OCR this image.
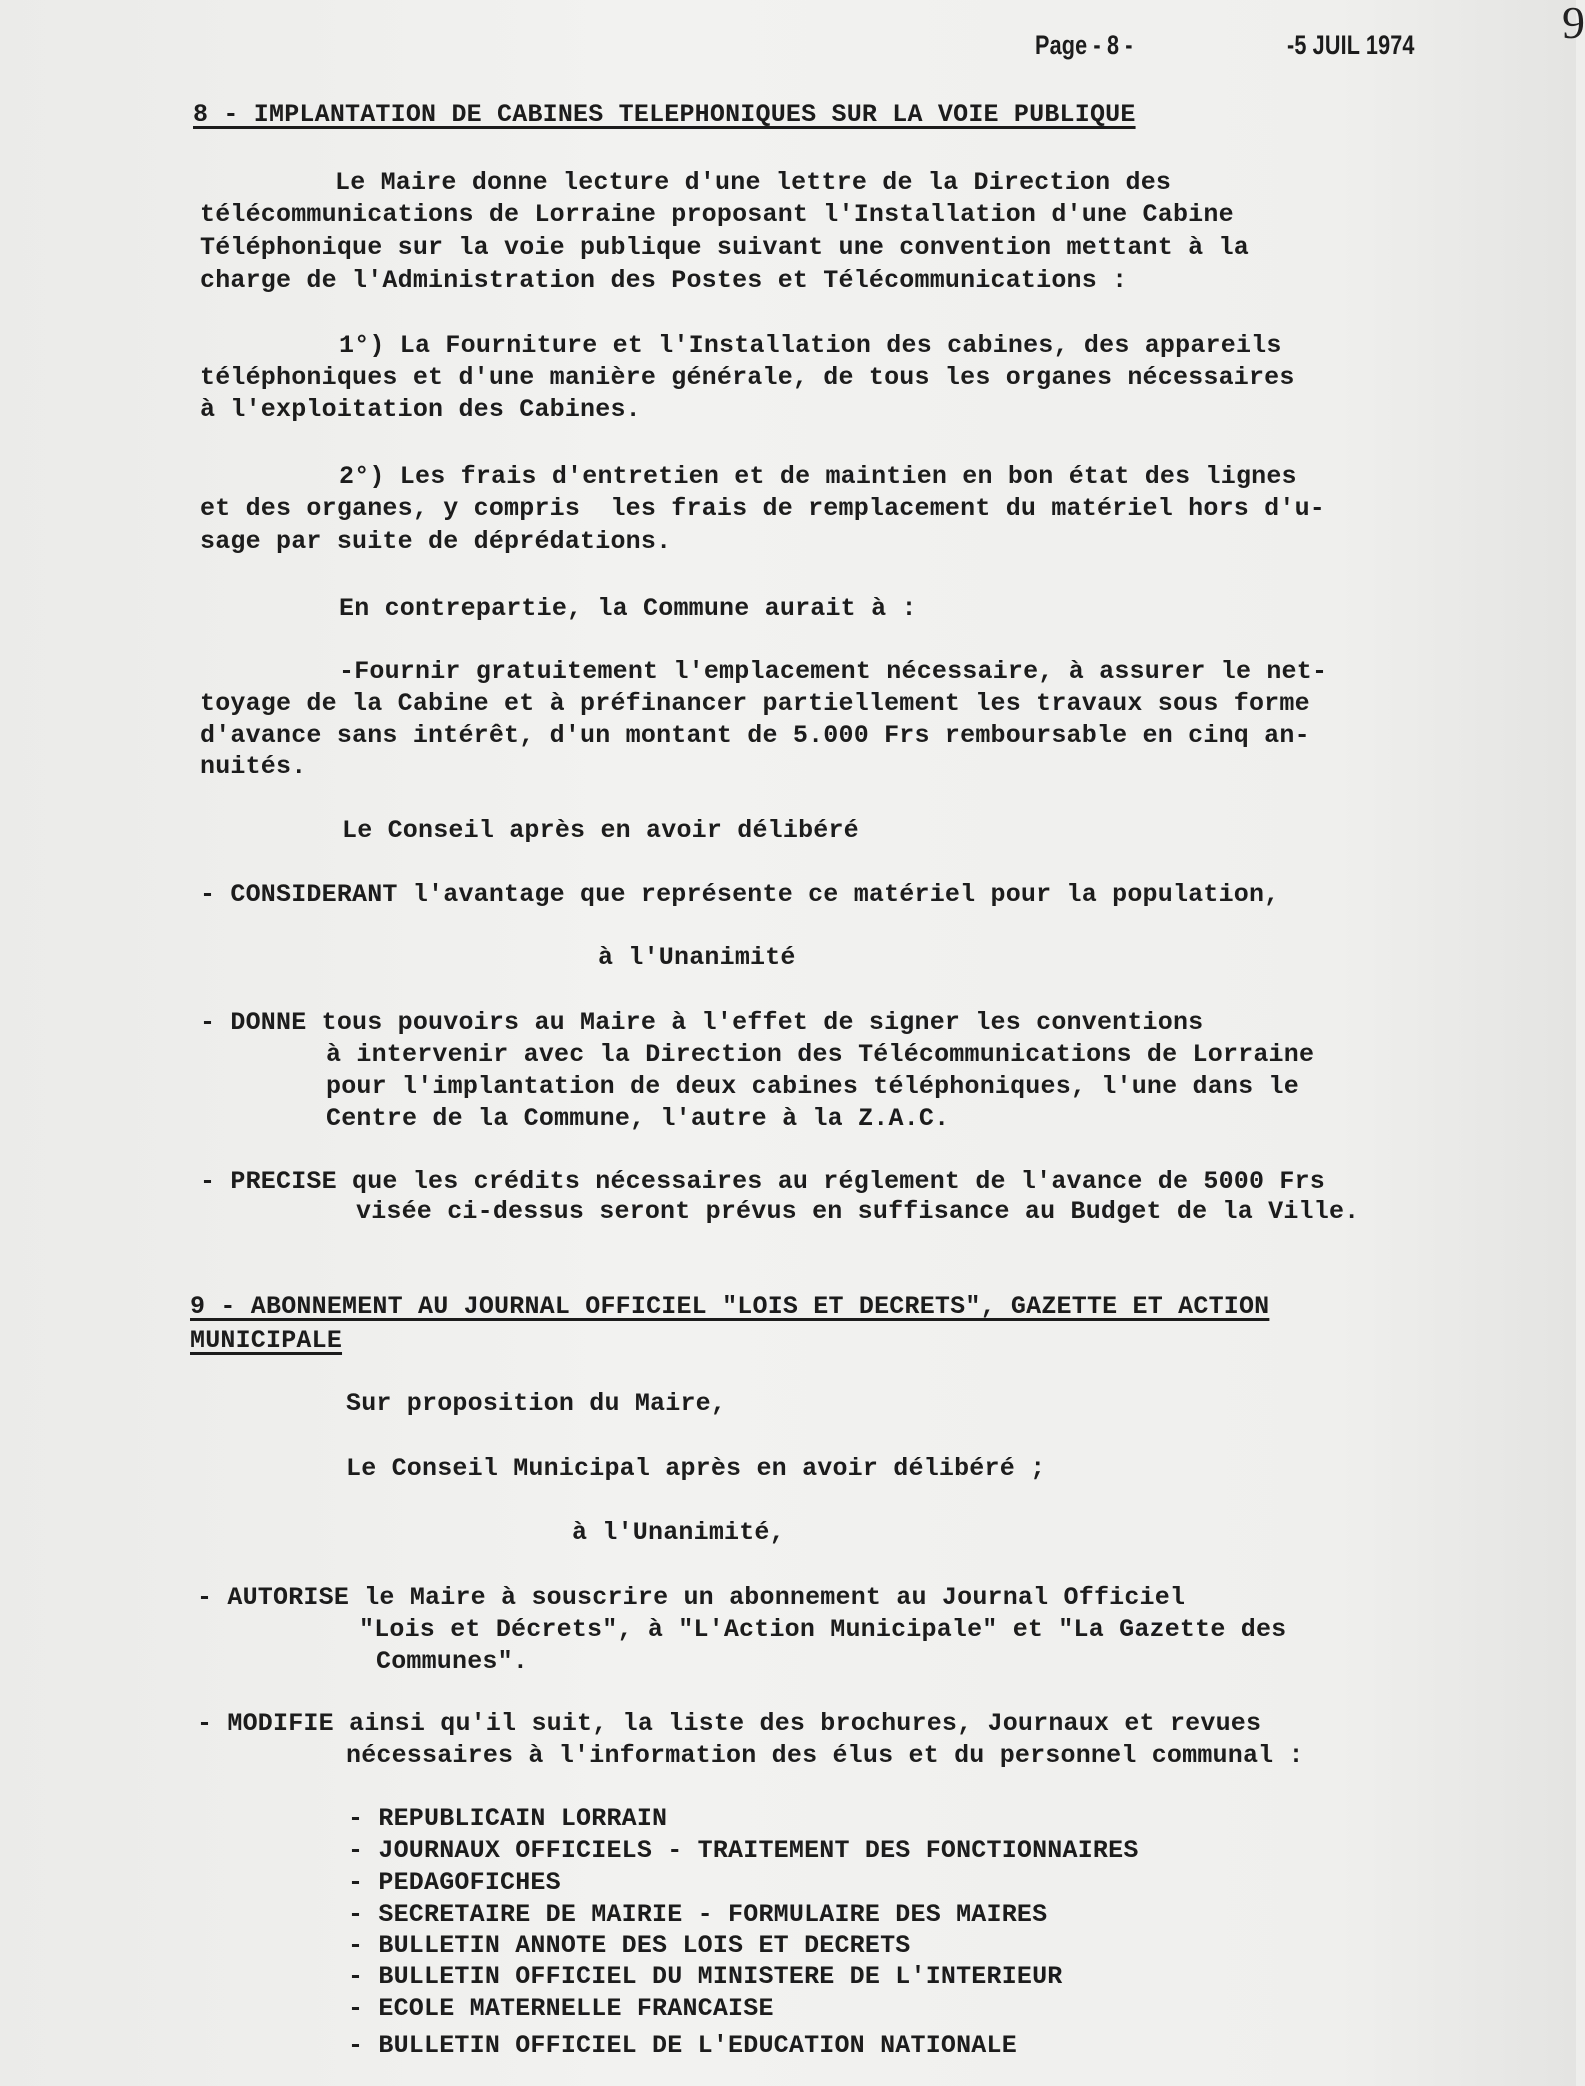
9
Page - 8 -	-5 JUIL 1974
8 - IMPLANTATION DE CABINES TELEPHONIQUES SUR LA VOIE PUBLIQUE
Le Maire donne lecture d'une lettre de la Direction des
télécommunications de Lorraine proposant l'Installation d'une Cabine
Téléphonique sur la voie publique suivant une convention mettant à la
charge de l'Administration des Postes et Télécommunications :
1°) La Fourniture et l'Installation des cabines, des appareils
téléphoniques et d'une manière générale, de tous les organes nécessaires
à l'exploitation des Cabines.
2°) Les frais d'entretien et de maintien en bon état des lignes
et des organes, y compris  les frais de remplacement du matériel hors d'u-
sage par suite de déprédations.
En contrepartie, la Commune aurait à :
-Fournir gratuitement l'emplacement nécessaire, à assurer le net-
toyage de la Cabine et à préfinancer partiellement les travaux sous forme
d'avance sans intérêt, d'un montant de 5.000 Frs remboursable en cinq an-
nuités.
Le Conseil après en avoir délibéré
- CONSIDERANT l'avantage que représente ce matériel pour la population,
à l'Unanimité
- DONNE tous pouvoirs au Maire à l'effet de signer les conventions
à intervenir avec la Direction des Télécommunications de Lorraine
pour l'implantation de deux cabines téléphoniques, l'une dans le
Centre de la Commune, l'autre à la Z.A.C.
- PRECISE que les crédits nécessaires au réglement de l'avance de 5000 Frs
visée ci-dessus seront prévus en suffisance au Budget de la Ville.
9 - ABONNEMENT AU JOURNAL OFFICIEL "LOIS ET DECRETS", GAZETTE ET ACTION
MUNICIPALE
Sur proposition du Maire,
Le Conseil Municipal après en avoir délibéré ;
à l'Unanimité,
- AUTORISE le Maire à souscrire un abonnement au Journal Officiel
"Lois et Décrets", à "L'Action Municipale" et "La Gazette des
Communes".
- MODIFIE ainsi qu'il suit, la liste des brochures, Journaux et revues
nécessaires à l'information des élus et du personnel communal :
- REPUBLICAIN LORRAIN
- JOURNAUX OFFICIELS - TRAITEMENT DES FONCTIONNAIRES
- PEDAGOFICHES
- SECRETAIRE DE MAIRIE - FORMULAIRE DES MAIRES
- BULLETIN ANNOTE DES LOIS ET DECRETS
- BULLETIN OFFICIEL DU MINISTERE DE L'INTERIEUR
- ECOLE MATERNELLE FRANCAISE
- BULLETIN OFFICIEL DE L'EDUCATION NATIONALE
